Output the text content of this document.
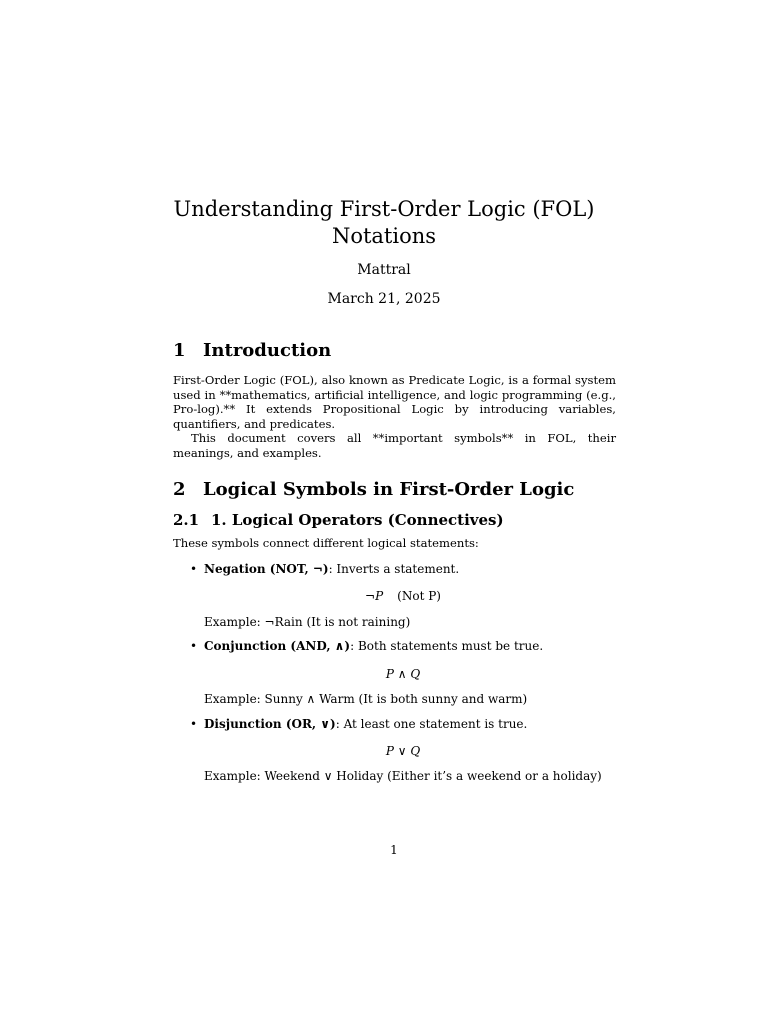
Understanding First-Order Logic (FOL)
Notations
Mattral
March 21, 2025
1 Introduction
First-Order Logic (FOL), also known as Predicate Logic, is a formal system used in **mathematics, artificial intelligence, and logic programming (e.g., Pro-log).** It extends Propositional Logic by introducing variables, quantifiers, and predicates.
This document covers all **important symbols** in FOL, their meanings, and examples.
2 Logical Symbols in First-Order Logic
2.1 1. Logical Operators (Connectives)
These symbols connect different logical statements:
• Negation (NOT, ¬): Inverts a statement.
¬P (Not P)
Example: ¬Rain (It is not raining)
• Conjunction (AND, ∧): Both statements must be true.
P ∧ Q
Example: Sunny ∧ Warm (It is both sunny and warm)
• Disjunction (OR, ∨): At least one statement is true.
P ∨ Q
Example: Weekend ∨ Holiday (Either it’s a weekend or a holiday)
1
